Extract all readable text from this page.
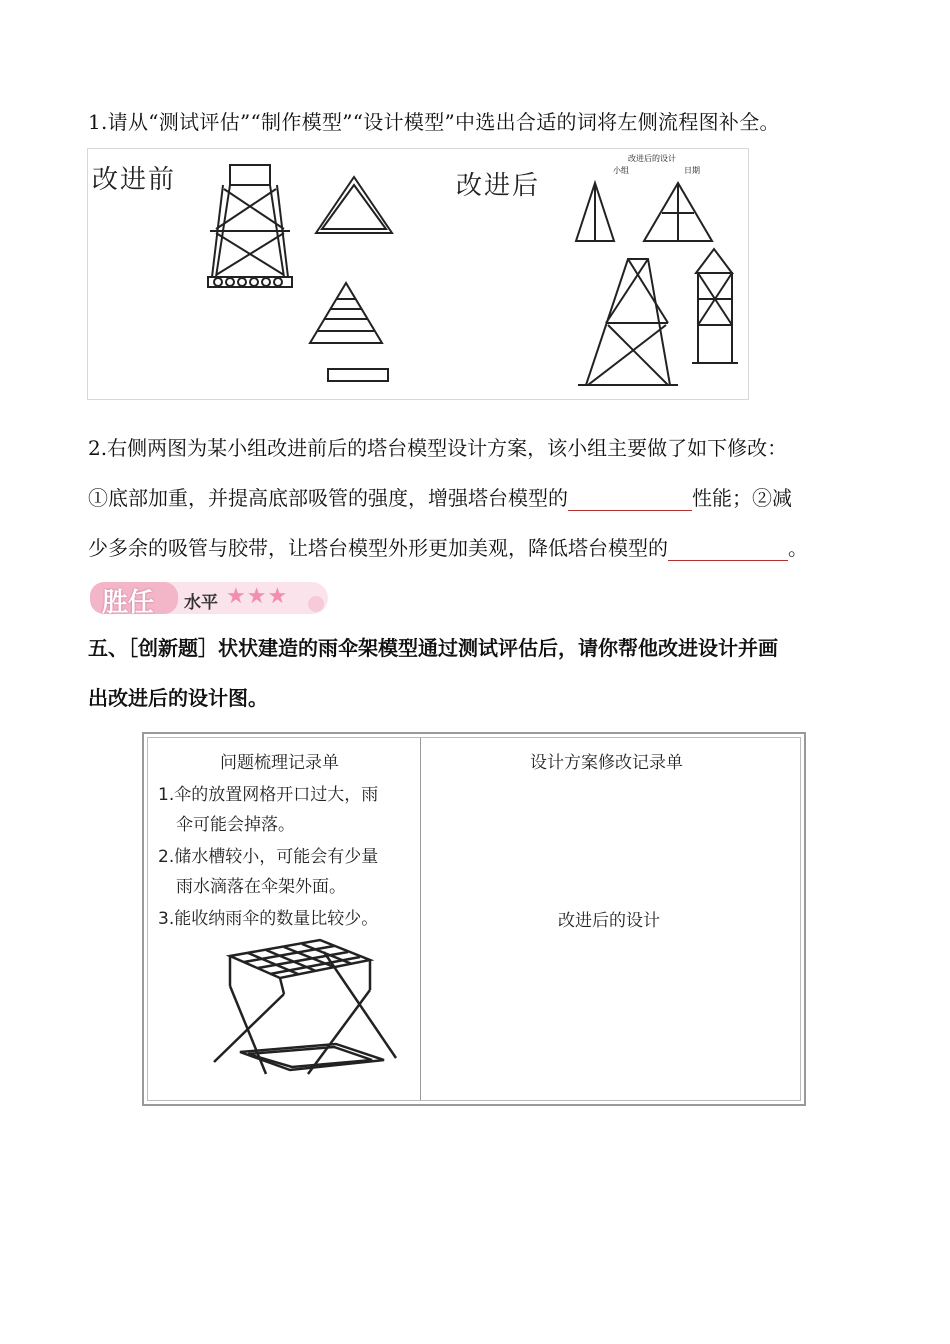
1.请从“测试评估”“制作模型”“设计模型”中选出合适的词将左侧流程图补全。
改进前	改进后
改进后的设计
小组	日期
2.右侧两图为某小组改进前后的塔台模型设计方案，该小组主要做了如下修改：
①底部加重，并提高底部吸管的强度，增强塔台模型的	性能；②减
少多余的吸管与胶带，让塔台模型外形更加美观，降低塔台模型的	。
胜任 水平 ★★★
五、［创新题］状状建造的雨伞架模型通过测试评估后，请你帮他改进设计并画
出改进后的设计图。
问题梳理记录单	设计方案修改记录单
1.伞的放置网格开口过大，雨
伞可能会掉落。
2.储水槽较小，可能会有少量
雨水滴落在伞架外面。
3.能收纳雨伞的数量比较少。	改进后的设计
